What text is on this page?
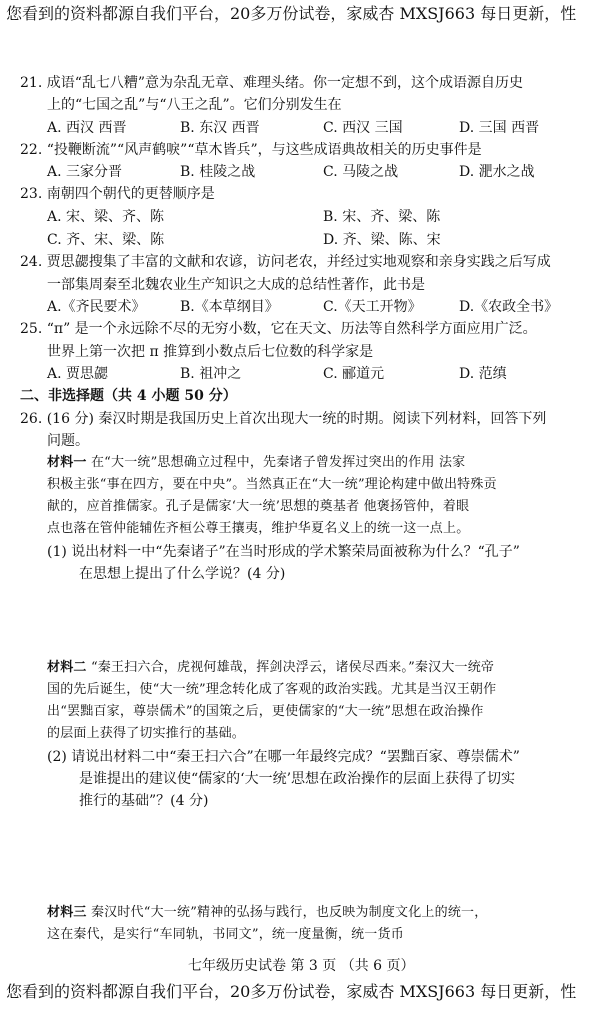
您看到的资料都源自我们平台，20多万份试卷，家威杏 MXSJ663 每日更新，性
21. 成语“乱七八糟”意为杂乱无章、难理头绪。你一定想不到，这个成语源自历史
上的“七国之乱”与“八王之乱”。它们分别发生在
A. 西汉 西晋	B. 东汉 西晋	C. 西汉 三国	D. 三国 西晋
22. “投鞭断流”“风声鹤唳”“草木皆兵”，与这些成语典故相关的历史事件是
A. 三家分晋	B. 桂陵之战	C. 马陵之战	D. 淝水之战
23. 南朝四个朝代的更替顺序是
A. 宋、梁、齐、陈	B. 宋、齐、梁、陈
C. 齐、宋、梁、陈	D. 齐、梁、陈、宋
24. 贾思勰搜集了丰富的文献和农谚，访问老农，并经过实地观察和亲身实践之后写成
一部集周秦至北魏农业生产知识之大成的总结性著作，此书是
A.《齐民要术》 B.《本草纲目》	C.《天工开物》	D.《农政全书》
25. “π” 是一个永远除不尽的无穷小数，它在天文、历法等自然科学方面应用广泛。
世界上第一次把 π 推算到小数点后七位数的科学家是
A. 贾思勰	B. 祖冲之	C. 郦道元	D. 范缜
二、非选择题（共 4 小题 50 分）
26. (16 分) 秦汉时期是我国历史上首次出现大一统的时期。阅读下列材料，回答下列
问题。
材料一 在“大一统”思想确立过程中，先秦诸子曾发挥过突出的作用 法家
积极主张“事在四方，要在中央”。当然真正在“大一统”理论构建中做出特殊贡
献的，应首推儒家。孔子是儒家‘大一统’思想的奠基者 他褒扬管仲，着眼
点也落在管仲能辅佐齐桓公尊王攘夷，维护华夏名义上的统一这一点上。
(1) 说出材料一中“先秦诸子”在当时形成的学术繁荣局面被称为什么？“孔子”
在思想上提出了什么学说？(4 分)
材料二 “秦王扫六合，虎视何雄哉，挥剑决浮云，诸侯尽西来。”秦汉大一统帝
国的先后诞生，使“大一统”理念转化成了客观的政治实践。尤其是当汉王朝作
出“罢黜百家，尊崇儒术”的国策之后，更使儒家的“大一统”思想在政治操作
的层面上获得了切实推行的基础。
(2) 请说出材料二中“秦王扫六合”在哪一年最终完成？“罢黜百家、尊崇儒术”
是谁提出的建议使“儒家的‘大一统’思想在政治操作的层面上获得了切实
推行的基础”？(4 分)
材料三 秦汉时代“大一统”精神的弘扬与践行，也反映为制度文化上的统一，
这在秦代，是实行“车同轨，书同文”，统一度量衡，统一货币
七年级历史试卷 第 3 页 （共 6 页）
您看到的资料都源自我们平台，20多万份试卷，家威杏 MXSJ663 每日更新，性
